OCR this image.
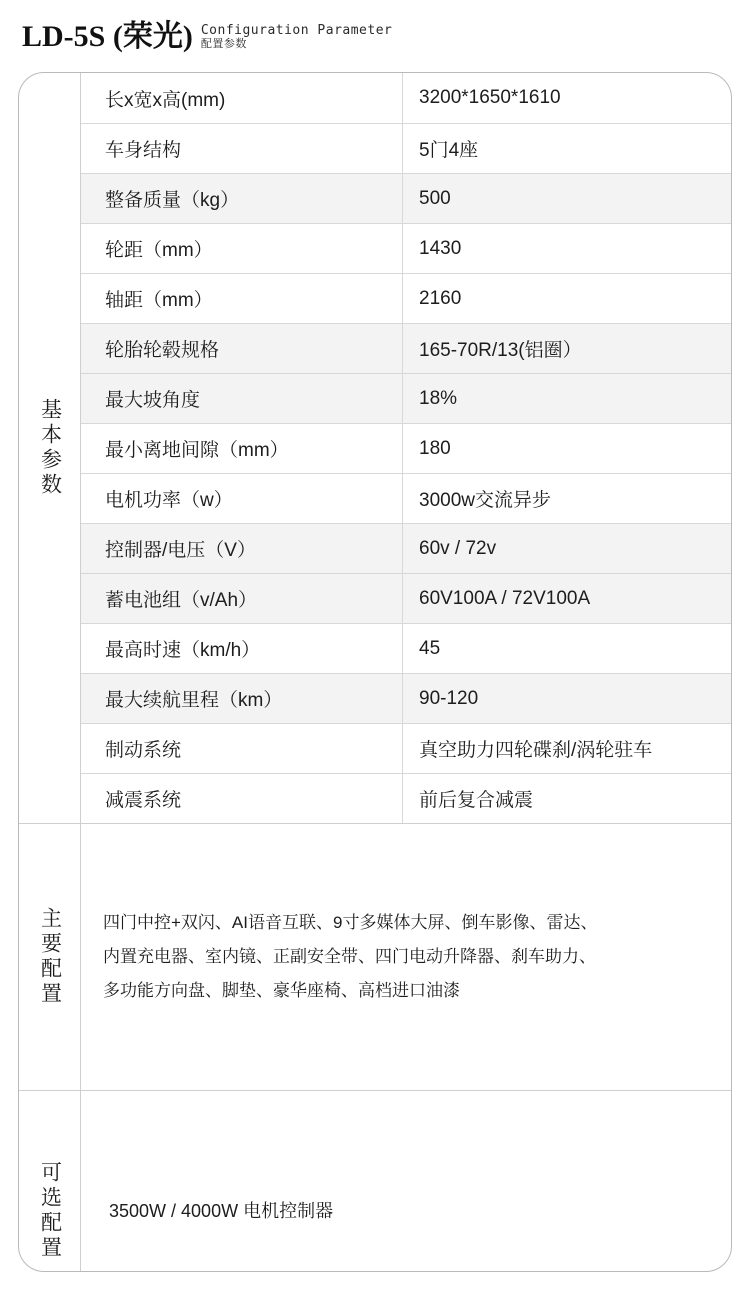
LD-5S (荣光) Configuration Parameter
配置参数
基本参数
长x宽x高(mm)	3200*1650*1610
车身结构	5门4座
整备质量（kg）	500
轮距（mm）	1430
轴距（mm）	2160
轮胎轮毂规格	165-70R/13(铝圈）
最大坡角度	18%
最小离地间隙（mm）	180
电机功率（w）	3000w交流异步
控制器/电压（V）	60v / 72v
蓄电池组（v/Ah）	60V100A / 72V100A
最高时速（km/h）	45
最大续航里程（km）	90-120
制动系统	真空助力四轮碟刹/涡轮驻车
减震系统	前后复合减震
主要配置 四门中控+双闪、AI语音互联、9寸多媒体大屏、倒车影像、雷达、
内置充电器、室内镜、正副安全带、四门电动升降器、刹车助力、
多功能方向盘、脚垫、豪华座椅、高档进口油漆
可选配置	3500W / 4000W 电机控制器
